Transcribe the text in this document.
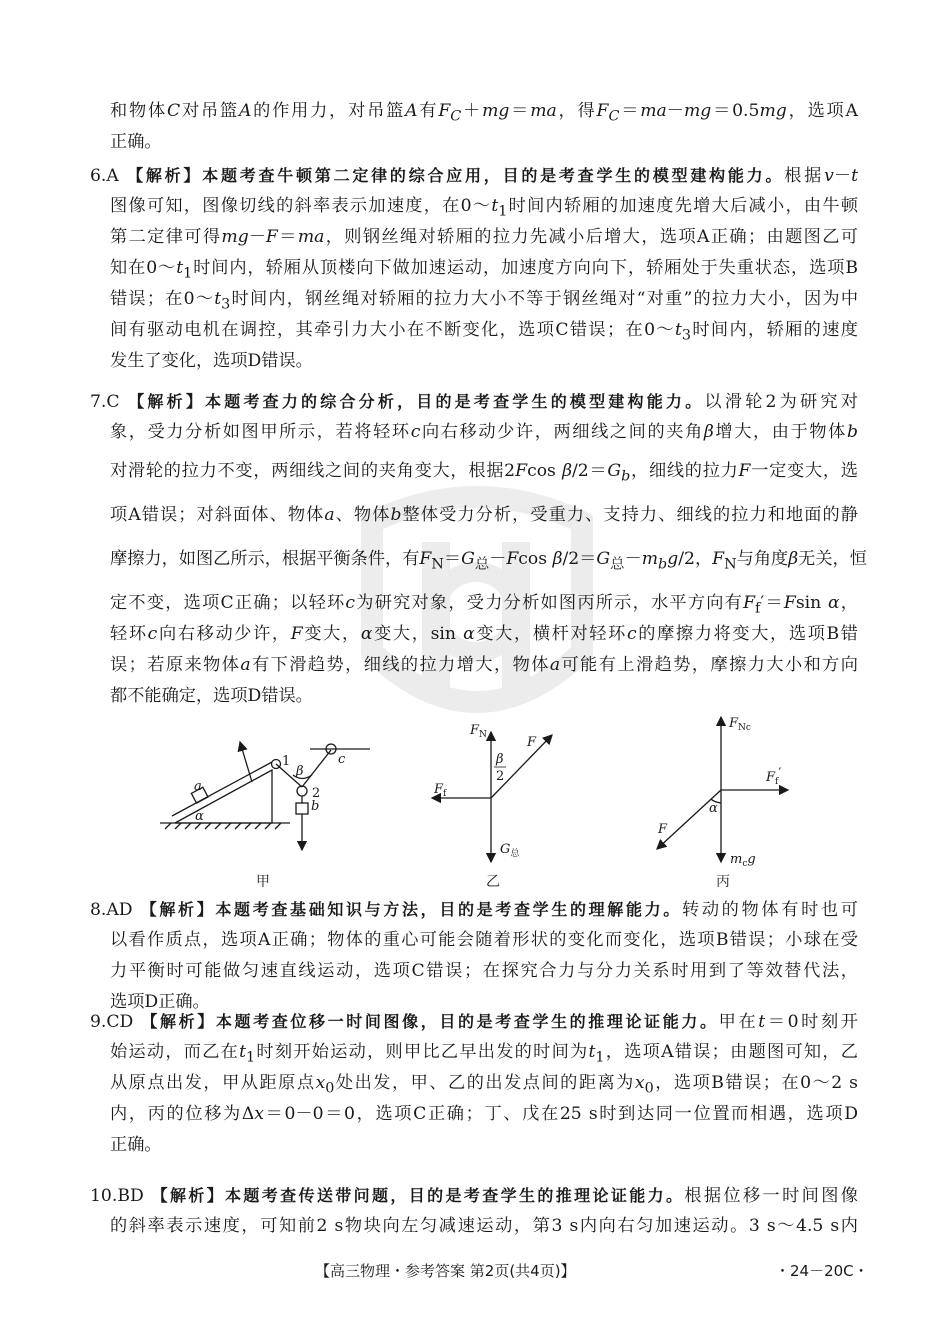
和物体C对吊篮A的作用力，对吊篮A有$F_C+mg=ma$，得$F_C=ma-mg=0.5mg$，选项A
正确。
6.A 【解析】本题考查牛顿第二定律的综合应用，目的是考查学生的模型建构能力。根据v－t
图像可知，图像切线的斜率表示加速度，在$0\sim t_1$时间内轿厢的加速度先增大后减小，由牛顿
第二定律可得mg－F＝ma，则钢丝绳对轿厢的拉力先减小后增大，选项A正确；由题图乙可
知在$0\sim t_1$时间内，轿厢从顶楼向下做加速运动，加速度方向向下，轿厢处于失重状态，选项B
错误；在$0\sim t_3$时间内，钢丝绳对轿厢的拉力大小不等于钢丝绳对“对重”的拉力大小，因为中
间有驱动电机在调控，其牵引力大小在不断变化，选项C错误；在$0\sim t_3$时间内，轿厢的速度
发生了变化，选项D错误。
7.C 【解析】本题考查力的综合分析，目的是考查学生的模型建构能力。以滑轮2为研究对
象，受力分析如图甲所示，若将轻环c向右移动少许，两细线之间的夹角β增大，由于物体b
对滑轮的拉力不变，两细线之间的夹角变大，根据2Fcos $\beta/2=G_b$，细线的拉力F一定变大，选
项A错误；对斜面体、物体a、物体b整体受力分析，受重力、支持力、细线的拉力和地面的静
摩擦力，如图乙所示，根据平衡条件，有$F_N=G_总-Fcos$ $\beta/2=G_总-m_bg/2$，$F_N$与角度β无关，恒
定不变，选项C正确；以轻环c为研究对象，受力分析如图丙所示，水平方向有$F_f'=Fsin$ α，
轻环c向右移动少许，F变大，α变大，sin α变大，横杆对轻环c的摩擦力将变大，选项B错
误；若原来物体a有下滑趋势，细线的拉力增大，物体a可能有上滑趋势，摩擦力大小和方向
都不能确定，选项D错误。
8.AD 【解析】本题考查基础知识与方法，目的是考查学生的理解能力。转动的物体有时也可
以看作质点，选项A正确；物体的重心可能会随着形状的变化而变化，选项B错误；小球在受
力平衡时可能做匀速直线运动，选项C错误；在探究合力与分力关系时用到了等效替代法，
选项D正确。
9.CD 【解析】本题考查位移一时间图像，目的是考查学生的推理论证能力。甲在t＝0时刻开
始运动，而乙在$t_1$时刻开始运动，则甲比乙早出发的时间为$t_1$，选项A错误；由题图可知，乙
从原点出发，甲从距原点$x_0$处出发，甲、乙的出发点间的距离为$x_0$，选项B错误；在0～2 s
内，丙的位移为Δx＝0－0＝0，选项C正确；丁、戊在25 s时到达同一位置而相遇，选项D
正确。
10.BD 【解析】本题考查传送带问题，目的是考查学生的推理论证能力。根据位移一时间图像
的斜率表示速度，可知前2 s物块向左匀减速运动，第3 s内向右匀加速运动。3 s～4.5 s内
1
β
2
c
a
α
b
甲
$F_N$	F
β
2
$F_f$
$G_总$
乙
$F_{Nc}$
$F_f'$
α
F
$m_cg$
丙
【高三物理・参考答案 第2页(共4页)】	・24－20C・
